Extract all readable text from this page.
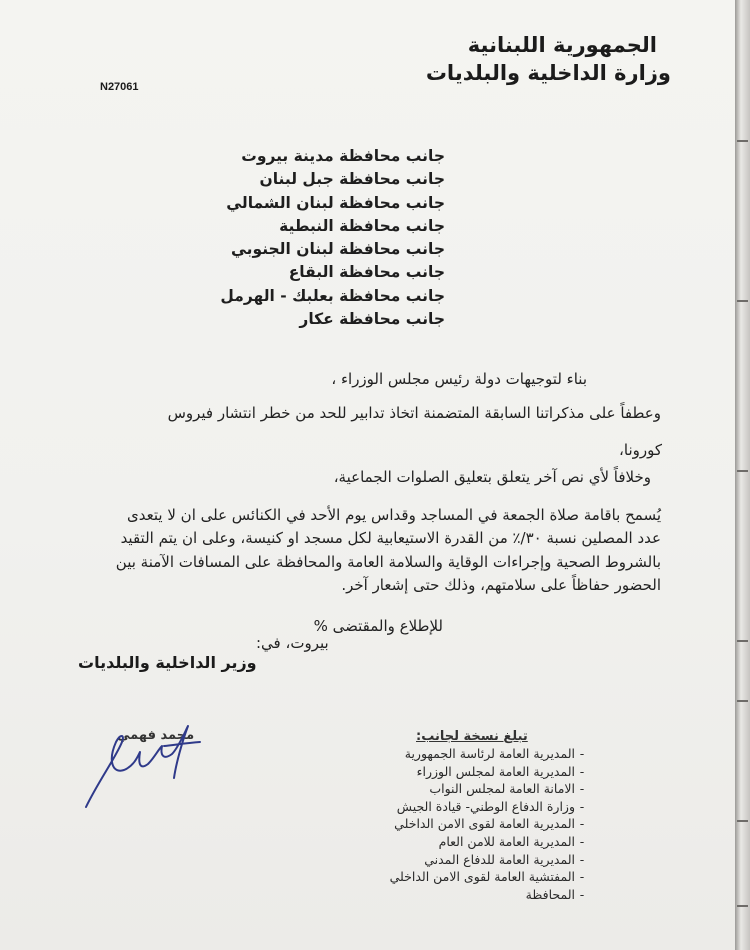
الجمهورية اللبنانية
وزارة الداخلية والبلديات
N27061
جانب محافظة مدينة بيروت
جانب محافظة جبل لبنان
جانب محافظة لبنان الشمالي
جانب محافظة النبطية
جانب محافظة لبنان الجنوبي
جانب محافظة البقاع
جانب محافظة بعلبك - الهرمل
جانب محافظة عكار
بناء لتوجيهات دولة رئيس مجلس الوزراء ،
وعطفاً على مذكراتنا السابقة المتضمنة اتخاذ تدابير للحد من خطر انتشار فيروس
كورونا،
وخلافاً لأي نص آخر يتعلق بتعليق الصلوات الجماعية،
يُسمح باقامة صلاة الجمعة في المساجد وقداس يوم الأحد في الكنائس على ان لا يتعدى
عدد المصلين نسبة ٣٠/٪ من القدرة الاستيعابية لكل مسجد او كنيسة، وعلى ان يتم التقيد
بالشروط الصحية وإجراءات الوقاية والسلامة العامة والمحافظة على المسافات الآمنة بين
الحضور حفاظاً على سلامتهم، وذلك حتى إشعار آخر.
للإطلاع والمقتضى %
بيروت، في:
وزير الداخلية والبلديات
محمد فهمي	تبلغ نسخة لجانب:
-المديرية العامة لرئاسة الجمهورية
-المديرية العامة لمجلس الوزراء
-الامانة العامة لمجلس النواب
-وزارة الدفاع الوطني- قيادة الجيش
-المديرية العامة لقوى الامن الداخلي
-المديرية العامة للامن العام
-المديرية العامة للدفاع المدني
-المفتشية العامة لقوى الامن الداخلي
-المحافظة
